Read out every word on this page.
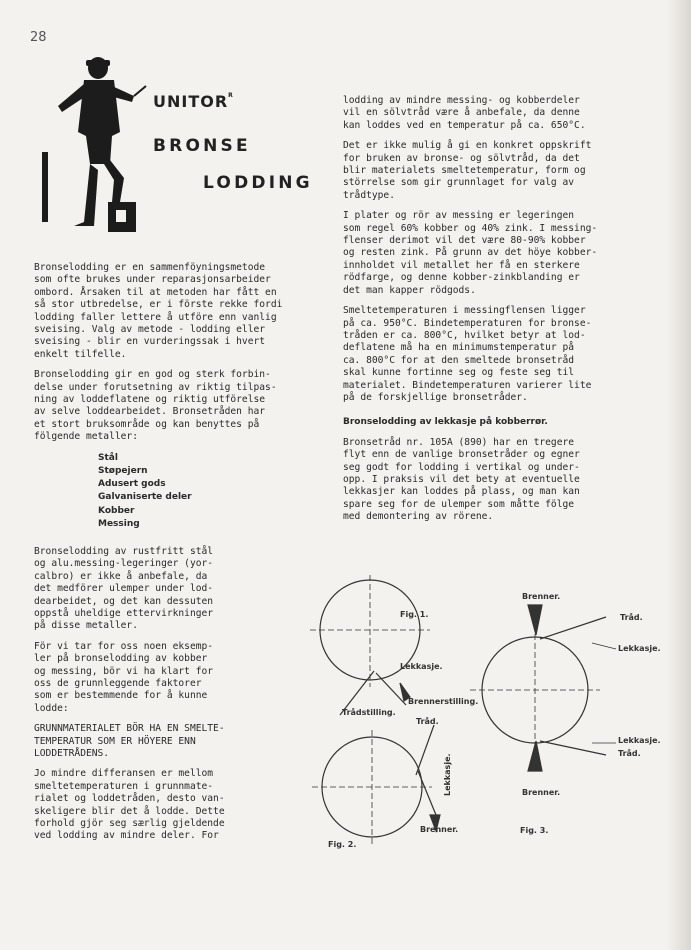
28
$UNITOR^R$
BRONSE
LODDING

Bronselodding er en sammenföyningsmetode
som ofte brukes under reparasjonsarbeider
ombord. Årsaken til at metoden har fått en
så stor utbredelse, er i förste rekke fordi
lodding faller lettere å utföre enn vanlig
sveising. Valg av metode - lodding eller
sveising - blir en vurderingssak i hvert
enkelt tilfelle.

Bronselodding gir en god og sterk forbin-
delse under forutsetning av riktig tilpas-
ning av loddeflatene og riktig utförelse
av selve loddearbeidet. Bronsetråden har
et stort bruksområde og kan benyttes på
fölgende metaller:

Stål
Støpejern
Adusert gods
Galvaniserte deler
Kobber
Messing

Bronselodding av rustfritt stål
og alu.messing-legeringer (yor-
calbro) er ikke å anbefale, da
det medförer ulemper under lod-
dearbeidet, og det kan dessuten
oppstå uheldige ettervirkninger
på disse metaller.

För vi tar for oss noen eksemp-
ler på bronselodding av kobber
og messing, bör vi ha klart for
oss de grunnleggende faktorer
som er bestemmende for å kunne
lodde:

GRUNNMATERIALET BÖR HA EN SMELTE-
TEMPERATUR SOM ER HÖYERE ENN
LODDETRÅDENS.

Jo mindre differansen er mellom
smeltetemperaturen i grunnmate-
rialet og loddetråden, desto van-
skeligere blir det å lodde. Dette
forhold gjör seg særlig gjeldende
ved lodding av mindre deler. For

lodding av mindre messing- og kobberdeler
vil en sölvtråd være å anbefale, da denne
kan loddes ved en temperatur på ca. 650°C.

Det er ikke mulig å gi en konkret oppskrift
for bruken av bronse- og sölvtråd, da det
blir materialets smeltetemperatur, form og
störrelse som gir grunnlaget for valg av
trådtype.

I plater og rör av messing er legeringen
som regel 60% kobber og 40% zink. I messing-
flenser derimot vil det være 80-90% kobber
og resten zink. På grunn av det höye kobber-
innholdet vil metallet her få en sterkere
rödfarge, og denne kobber-zinkblanding er
det man kapper rödgods.

Smeltetemperaturen i messingflensen ligger
på ca. 950°C. Bindetemperaturen for bronse-
tråden er ca. 800°C, hvilket betyr at lod-
deflatene må ha en minimumstemperatur på
ca. 800°C for at den smeltede bronsetråd
skal kunne fortinne seg og feste seg til
materialet. Bindetemperaturen varierer lite
på de forskjellige bronsetråder.

Bronselodding av lekkasje på kobberrør.

Bronsetråd nr. 105A (890) har en tregere
flyt enn de vanlige bronsetråder og egner
seg godt for lodding i vertikal og under-
opp. I praksis vil det bety at eventuelle
lekkasjer kan loddes på plass, og man kan
spare seg for de ulemper som måtte fölge
med demontering av rörene.

Fig. 1.
Lekkasje.
Brennerstilling.
Trådstilling.
Tråd.
Lekkasje.
Brenner.
Fig. 2.
Brenner.
Tråd.
Lekkasje.
Lekkasje.
Tråd.
Brenner.
Fig. 3.
